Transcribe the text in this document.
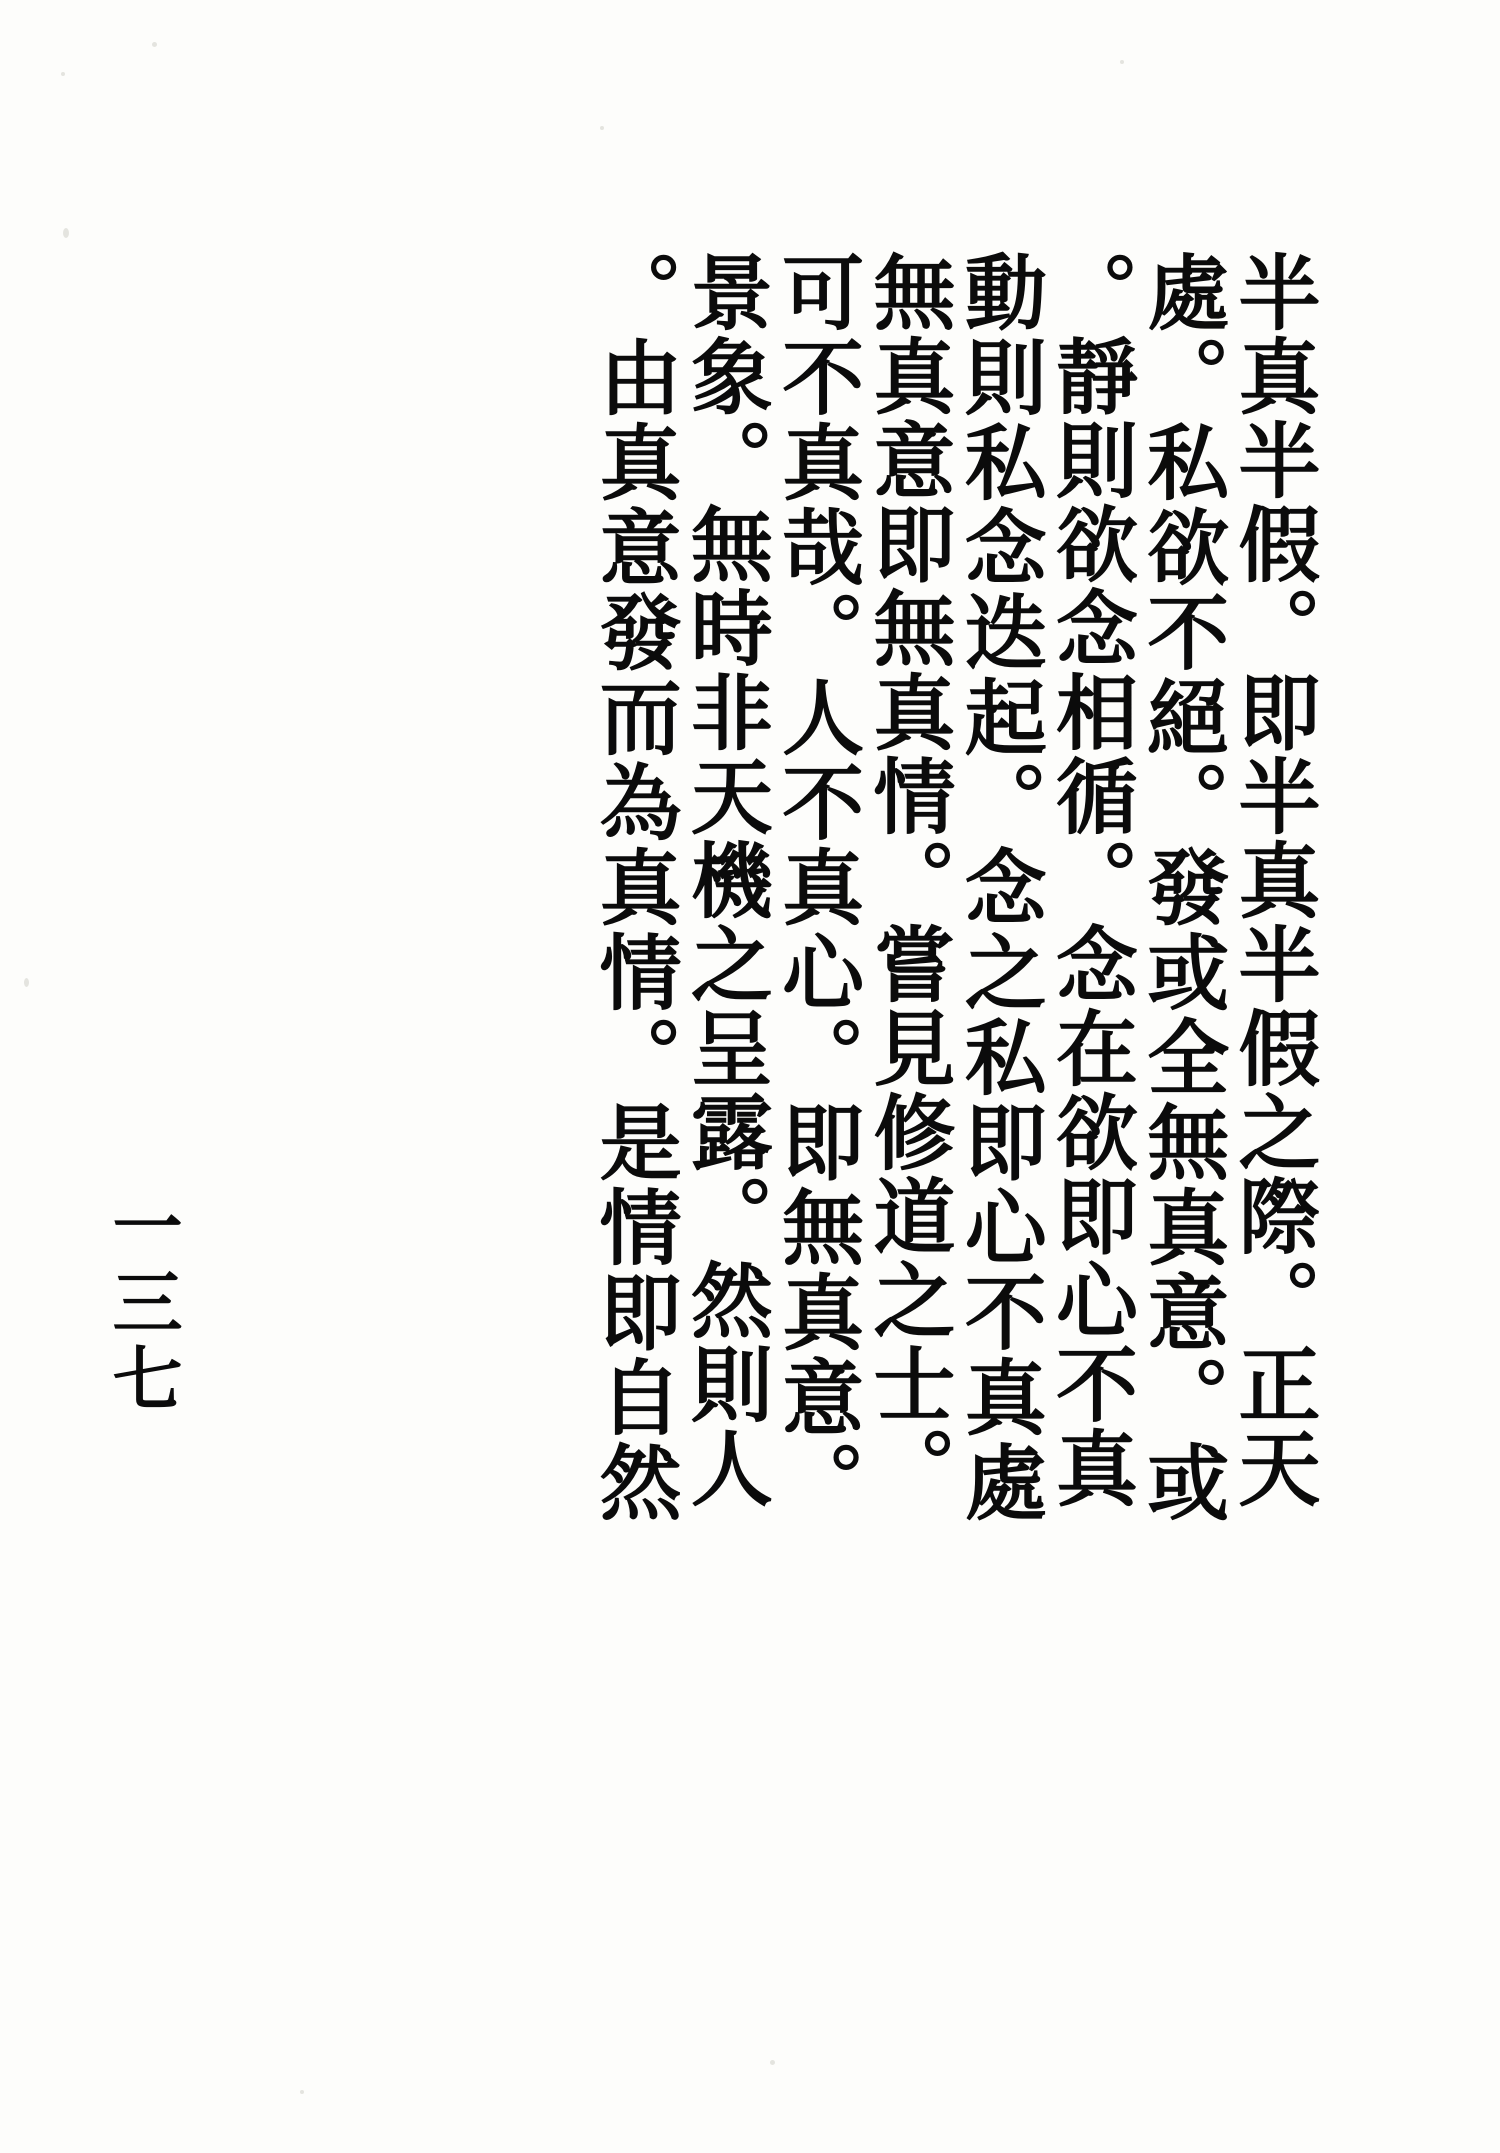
。由真意發而為真情。是情即自然
景象。無時非天機之呈露。然則人
可不真哉。人不真心。即無真意。
無真意即無真情。嘗見修道之士。
動則私念迭起。念之私即心不真處
。靜則欲念相循。念在欲即心不真
處。私欲不絕。發或全無真意。或
半真半假。即半真半假之際。正天
一三七
